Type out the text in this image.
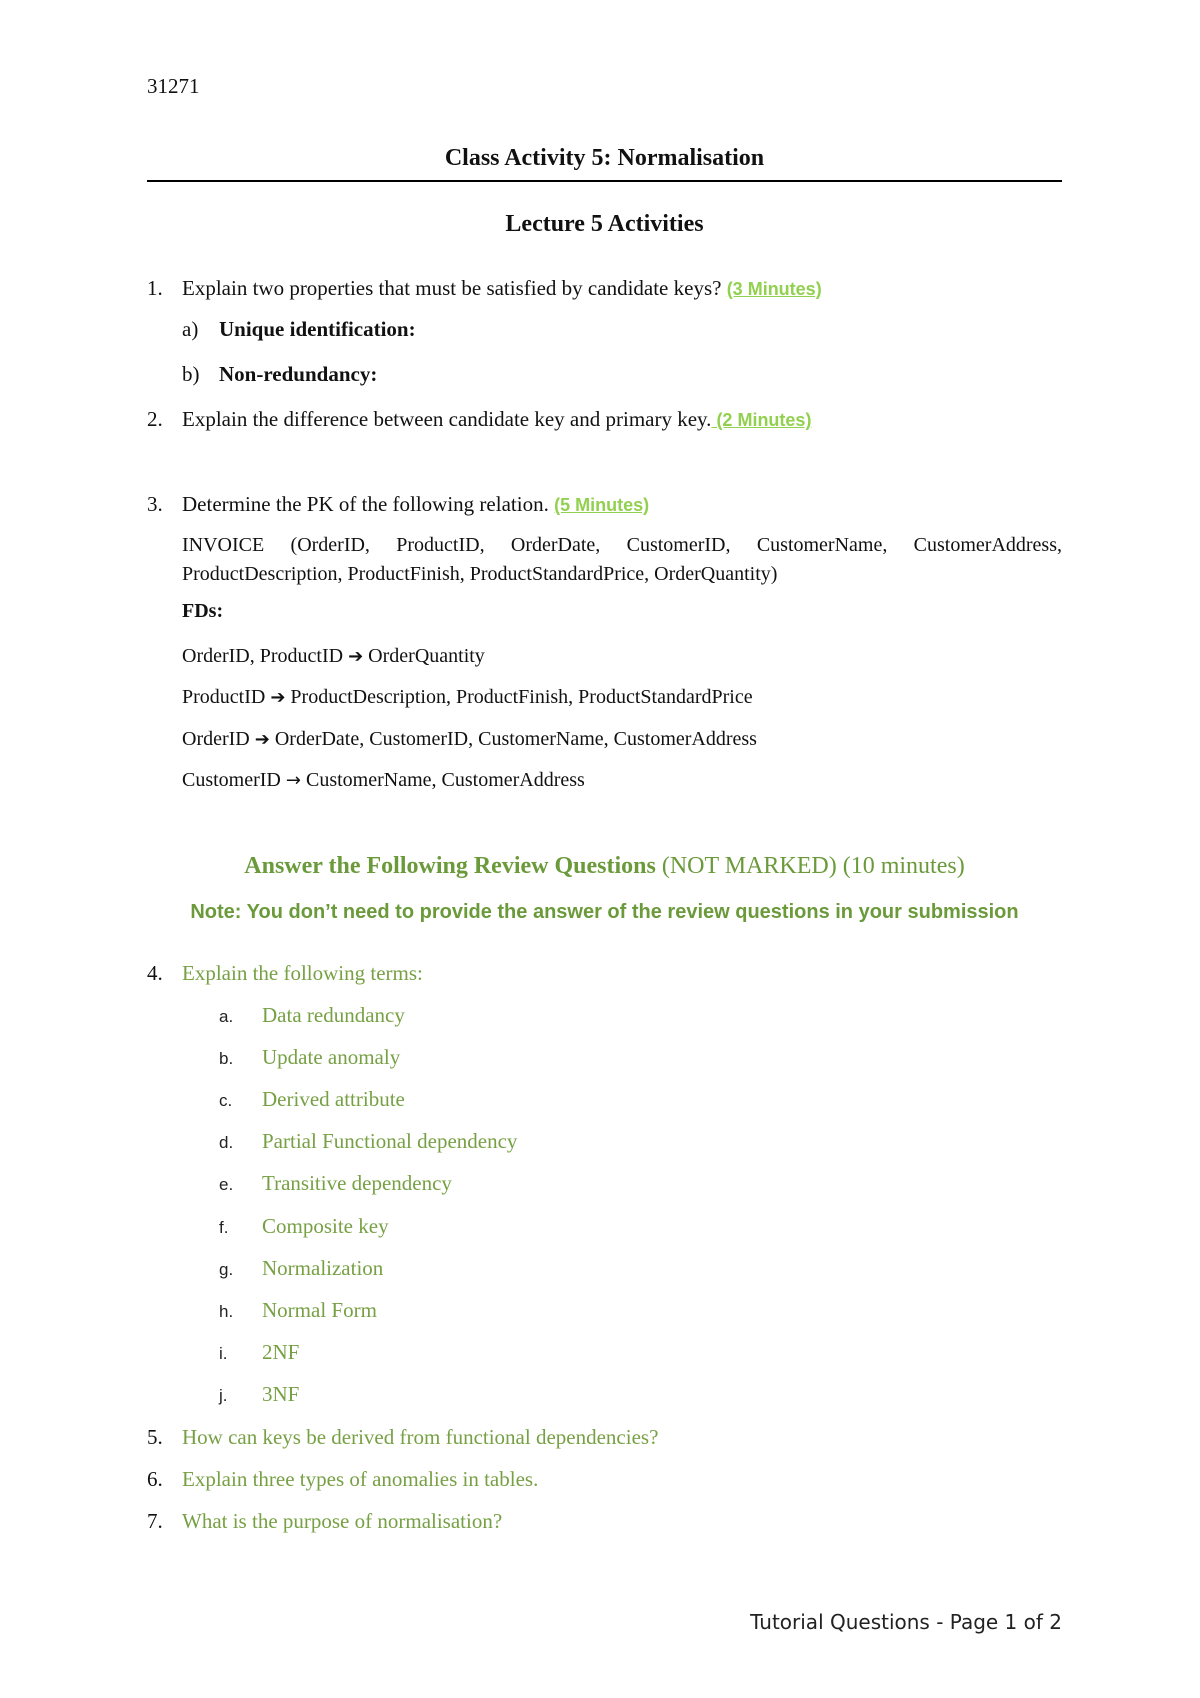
31271
Class Activity 5: Normalisation
Lecture 5 Activities
1. Explain two properties that must be satisfied by candidate keys? (3 Minutes)
a) Unique identification:
b) Non-redundancy:
2. Explain the difference between candidate key and primary key. (2 Minutes)
3. Determine the PK of the following relation. (5 Minutes)
INVOICE (OrderID, ProductID, OrderDate, CustomerID, CustomerName, CustomerAddress, ProductDescription, ProductFinish, ProductStandardPrice, OrderQuantity)
FDs:
OrderID, ProductID ➔ OrderQuantity
ProductID ➔ ProductDescription, ProductFinish, ProductStandardPrice
OrderID ➔ OrderDate, CustomerID, CustomerName, CustomerAddress
CustomerID → CustomerName, CustomerAddress
Answer the Following Review Questions (NOT MARKED) (10 minutes)
Note: You don’t need to provide the answer of the review questions in your submission
4. Explain the following terms:
a. Data redundancy
b. Update anomaly
c. Derived attribute
d. Partial Functional dependency
e. Transitive dependency
f. Composite key
g. Normalization
h. Normal Form
i. 2NF
j. 3NF
5. How can keys be derived from functional dependencies?
6. Explain three types of anomalies in tables.
7. What is the purpose of normalisation?
Tutorial Questions - Page 1 of 2
